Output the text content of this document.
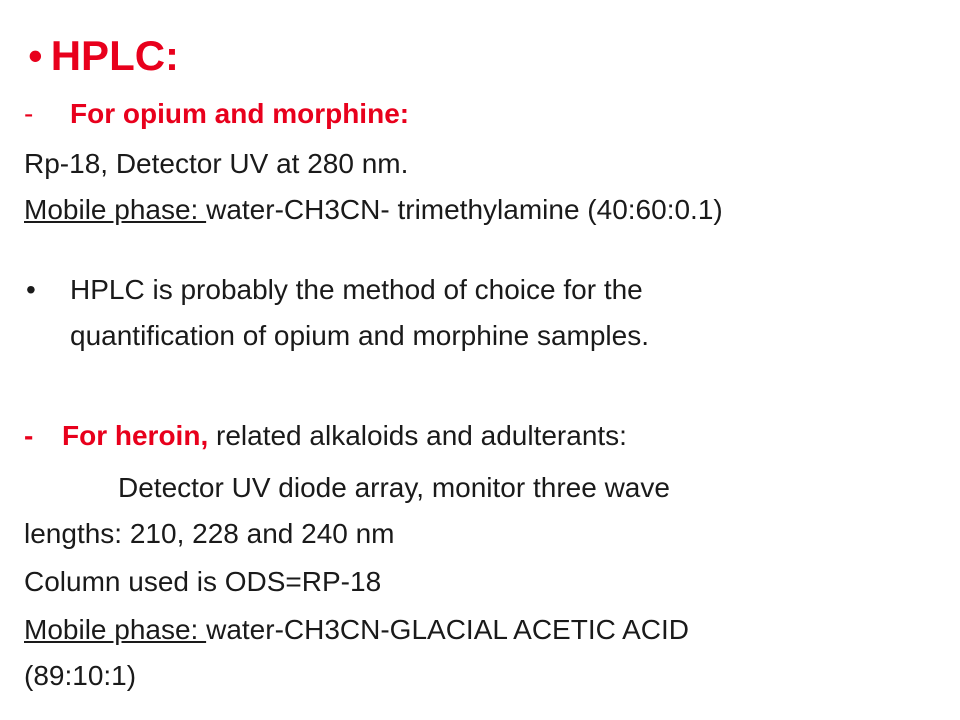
• HPLC:
- For opium and morphine:
Rp-18, Detector UV at 280 nm.
Mobile phase: water-CH3CN- trimethylamine (40:60:0.1)
• HPLC is probably the method of choice for the
quantification of opium and morphine samples.
- For heroin, related alkaloids and adulterants:
Detector UV diode array, monitor three wave
lengths: 210, 228 and 240 nm
Column used is ODS=RP-18
Mobile phase: water-CH3CN-GLACIAL ACETIC ACID
(89:10:1)
